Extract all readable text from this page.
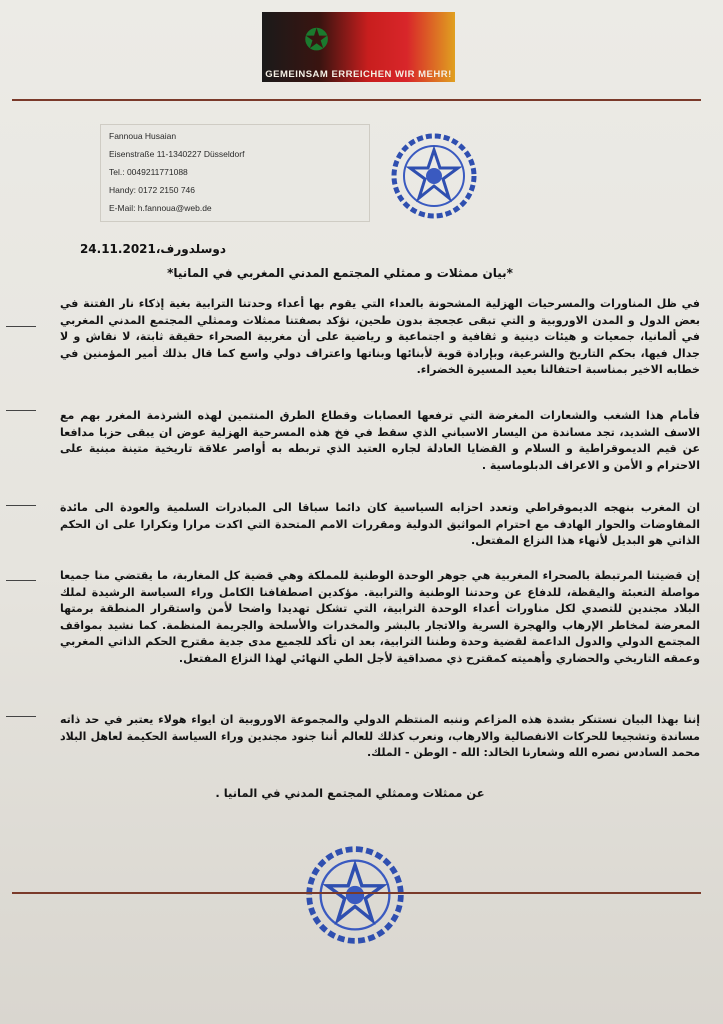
✪
GEMEINSAM ERREICHEN WIR MEHR!
Fannoua Husaian
Eisenstraße 11-1340227 Düsseldorf
Tel.: 0049211771088
Handy: 0172 2150 746
E-Mail: h.fannoua@web.de
دوسلدورف،24.11.2021
*بيان ممثلات و ممثلي المجتمع المدني المغربي في المانيا*
في ظل المناورات والمسرحيات الهزلية المشحونة بالعداء التي يقوم بها أعداء وحدتنا الترابية بغية إذكاء نار الفتنة في بعض الدول و المدن الاوروبية و التي تبقى عجعجة بدون طحين، نؤكد بصفتنا ممثلات وممثلي المجتمع المدني المغربي في ألمانيا، جمعيات و هيئات دينية و ثقافية و اجتماعية و رياضية على أن مغربية الصحراء حقيقة ثابتة، لا نقاش و لا جدال فيها، بحكم التاريخ والشرعية، وبإرادة قوية لأبنائها وبناتها واعتراف دولي واسع كما قال بذلك أمير المؤمنين في خطابه الاخير بمناسبة احتفالنا بعيد المسيرة الخضراء.
فأمام هذا الشغب والشعارات المغرضة التي ترفعها العصابات وقطاع الطرق المنتمين لهذه الشرذمة المغرر بهم مع الاسف الشديد، تجد مساندة من اليسار الاسباني الذي سقط في فخ هذه المسرحية الهزلية عوض ان يبقى حزبا مدافعا عن قيم الديموقراطية و السلام و القضايا العادلة لجاره العتيد الذي تربطه به أواصر علاقة تاريخية متينة مبنية على الاحترام و الأمن و الاعراف الدبلوماسية .
ان المغرب بنهجه الديموقراطي وتعدد احزابه السياسية كان دائما سباقا الى المبادرات السلمية والعودة الى مائدة المفاوضات والحوار الهادف مع احترام المواثيق الدولية ومقررات الامم المتحدة التي اكدت مرارا وتكرارا على ان الحكم الذاتي هو البديل لأنهاء هذا النزاع المفتعل.
إن قضيتنا المرتبطة بالصحراء المغربية هي جوهر الوحدة الوطنية للمملكة وهي قضية كل المغاربة، ما يقتضي منا جميعا مواصلة التعبئة واليقظة، للدفاع عن وحدتنا الوطنية والترابية. مؤكدين اصطفافنا الكامل وراء السياسة الرشيدة لملك البلاد مجندين للتصدي لكل مناورات أعداء الوحدة الترابية، التي تشكل تهديدا واضحا لأمن واستقرار المنطقة برمتها المعرضة لمخاطر الإرهاب والهجرة السرية والاتجار بالبشر والمخدرات والأسلحة والجريمة المنظمة. كما نشيد بمواقف المجتمع الدولي والدول الداعمة لقضية وحدة وطننا الترابية، بعد ان تأكد للجميع مدى جدية مقترح الحكم الذاتي المغربي وعمقه التاريخي والحضاري وأهميته كمقترح ذي مصداقية لأجل الطي النهائي لهذا النزاع المفتعل.
إننا بهذا البيان نستنكر بشدة هذه المزاعم وننبه المنتظم الدولي والمجموعة الاوروبية ان ايواء هولاء يعتبر في حد ذاته مساندة وتشجيعا للحركات الانفصالية والارهاب، ونعرب كذلك للعالم أننا جنود مجندين وراء السياسة الحكيمة لعاهل البلاد محمد السادس نصره الله وشعارنا الخالد: الله - الوطن - الملك.
عن ممثلات وممثلي المجتمع المدني في المانيا .
